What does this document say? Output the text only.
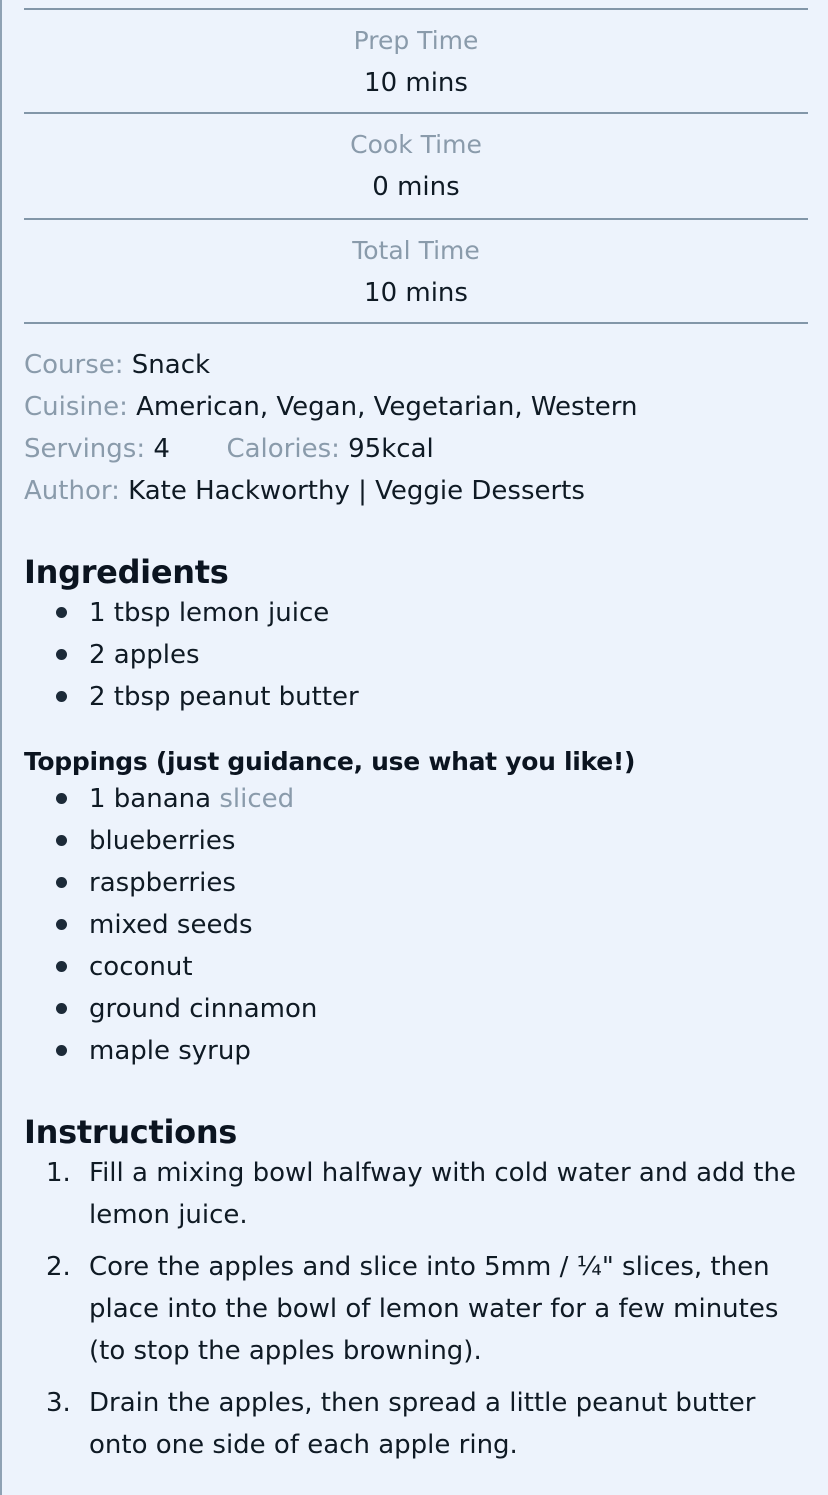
Prep Time
10 mins
Cook Time
0 mins
Total Time
10 mins
Course: Snack
Cuisine: American, Vegan, Vegetarian, Western
Servings: 4 Calories: 95kcal
Author: Kate Hackworthy | Veggie Desserts
Ingredients
1 tbsp lemon juice
2 apples
2 tbsp peanut butter
Toppings (just guidance, use what you like!)
1 banana sliced
blueberries
raspberries
mixed seeds
coconut
ground cinnamon
maple syrup
Instructions
1. Fill a mixing bowl halfway with cold water and add the lemon juice.
2. Core the apples and slice into 5mm / ¼" slices, then place into the bowl of lemon water for a few minutes (to stop the apples browning).
3. Drain the apples, then spread a little peanut butter onto one side of each apple ring.
